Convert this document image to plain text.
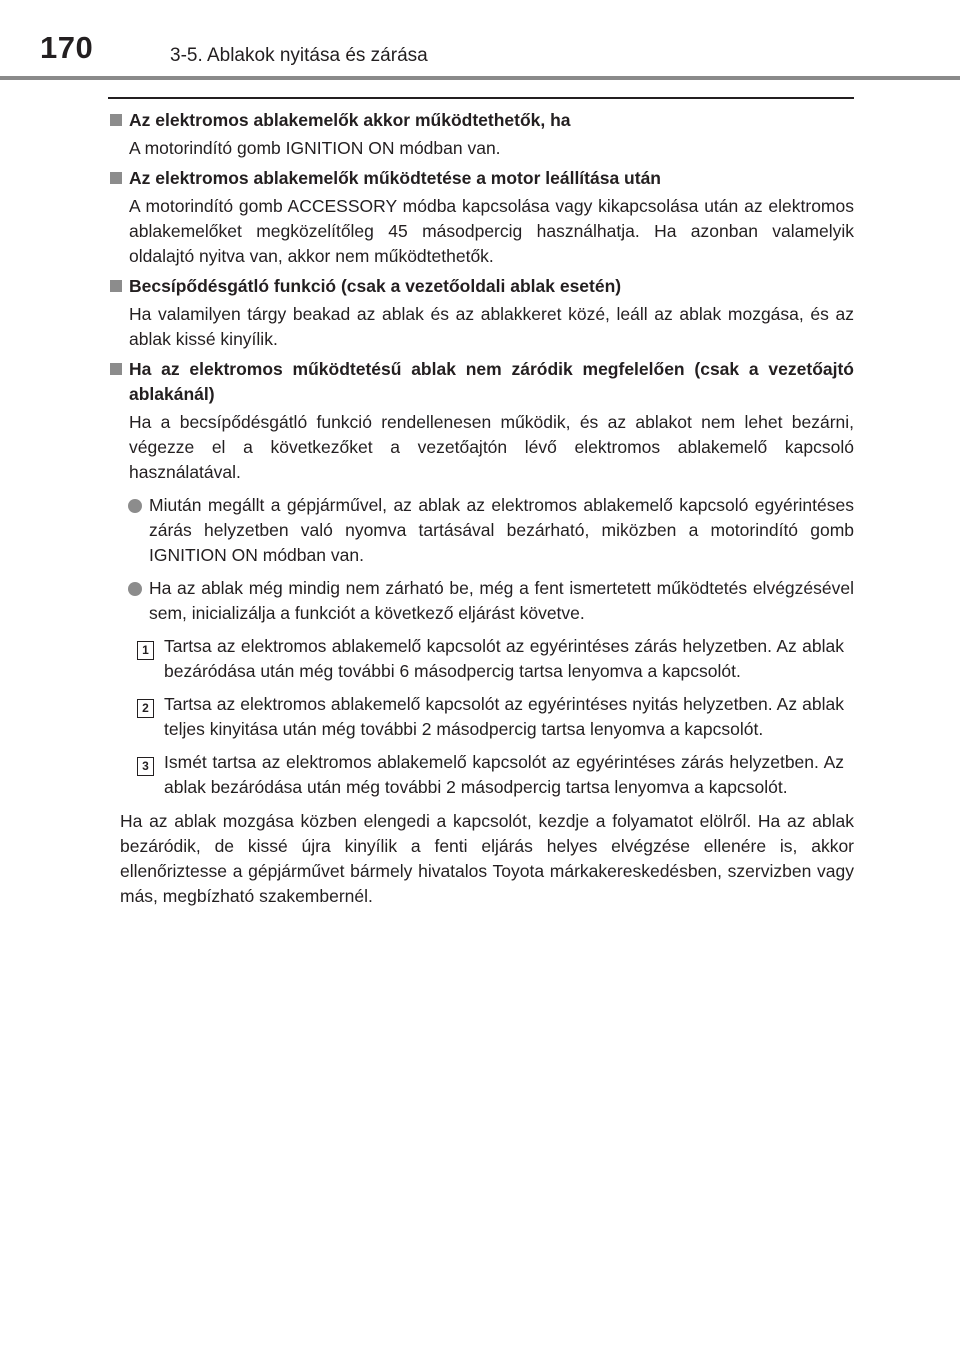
170	3-5. Ablakok nyitása és zárása
Az elektromos ablakemelők akkor működtethetők, ha
A motorindító gomb IGNITION ON módban van.
Az elektromos ablakemelők működtetése a motor leállítása után
A motorindító gomb ACCESSORY módba kapcsolása vagy kikapcsolása után az elektromos ablakemelőket megközelítőleg 45 másodpercig használhatja. Ha azonban valamelyik oldalajtó nyitva van, akkor nem működtethetők.
Becsípődésgátló funkció (csak a vezetőoldali ablak esetén)
Ha valamilyen tárgy beakad az ablak és az ablakkeret közé, leáll az ablak mozgása, és az ablak kissé kinyílik.
Ha az elektromos működtetésű ablak nem záródik megfelelően (csak a vezetőajtó ablakánál)
Ha a becsípődésgátló funkció rendellenesen működik, és az ablakot nem lehet bezárni, végezze el a következőket a vezetőajtón lévő elektromos ablakemelő kapcsoló használatával.
Miután megállt a gépjárművel, az ablak az elektromos ablakemelő kapcsoló egyérintéses zárás helyzetben való nyomva tartásával bezárható, miközben a motorindító gomb IGNITION ON módban van.
Ha az ablak még mindig nem zárható be, még a fent ismertetett működtetés elvégzésével sem, inicializálja a funkciót a következő eljárást követve.
1 Tartsa az elektromos ablakemelő kapcsolót az egyérintéses zárás helyzetben. Az ablak bezáródása után még további 6 másodpercig tartsa lenyomva a kapcsolót.
2 Tartsa az elektromos ablakemelő kapcsolót az egyérintéses nyitás helyzetben. Az ablak teljes kinyitása után még további 2 másodpercig tartsa lenyomva a kapcsolót.
3 Ismét tartsa az elektromos ablakemelő kapcsolót az egyérintéses zárás helyzetben. Az ablak bezáródása után még további 2 másodpercig tartsa lenyomva a kapcsolót.
Ha az ablak mozgása közben elengedi a kapcsolót, kezdje a folyamatot elölről. Ha az ablak bezáródik, de kissé újra kinyílik a fenti eljárás helyes elvégzése ellenére is, akkor ellenőriztesse a gépjárművet bármely hivatalos Toyota márkakereskedésben, szervizben vagy más, megbízható szakembernél.
